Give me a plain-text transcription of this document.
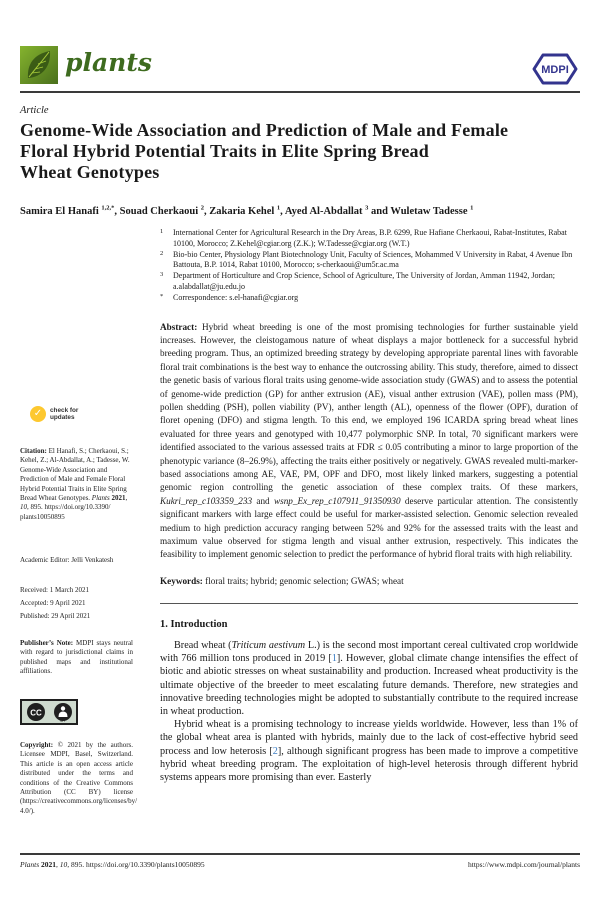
plants	MDPI
Article
Genome-Wide Association and Prediction of Male and Female
Floral Hybrid Potential Traits in Elite Spring Bread
Wheat Genotypes
Samira El Hanafi $^{1,2,*}$, Souad Cherkaoui $^2$, Zakaria Kehel $^1$, Ayed Al-Abdallat $^3$ and Wuletaw Tadesse $^1$
✓ check for
updates
Citation: El Hanafi, S.; Cherkaoui, S.; Kehel, Z.; Al-Abdallat, A.; Tadesse, W. Genome-Wide Association and Prediction of Male and Female Floral Hybrid Potential Traits in Elite Spring Bread Wheat Genotypes. Plants 2021, 10, 895. https://doi.org/10.3390/ plants10050895
Academic Editor: Jelli Venkatesh
Received: 1 March 2021
Accepted: 9 April 2021
Published: 29 April 2021
Publisher’s Note: MDPI stays neutral with regard to jurisdictional claims in published maps and institutional affiliations.
CC
BY
Copyright: © 2021 by the authors. Licensee MDPI, Basel, Switzerland. This article is an open access article distributed under the terms and conditions of the Creative Commons Attribution (CC BY) license (https://creativecommons.org/licenses/by/ 4.0/).
1	International Center for Agricultural Research in the Dry Areas, B.P. 6299, Rue Hafiane Cherkaoui, Rabat-Institutes, Rabat 10100, Morocco; Z.Kehel@cgiar.org (Z.K.); W.Tadesse@cgiar.org (W.T.)
2	Bio-bio Center, Physiology Plant Biotechnology Unit, Faculty of Sciences, Mohammed V University in Rabat, 4 Avenue Ibn Battouta, B.P. 1014, Rabat 10100, Morocco; s-cherkaoui@um5r.ac.ma
3	Department of Horticulture and Crop Science, School of Agriculture, The University of Jordan, Amman 11942, Jordan; a.alabdallat@ju.edu.jo
*	Correspondence: s.el-hanafi@cgiar.org
Abstract: Hybrid wheat breeding is one of the most promising technologies for further sustainable yield increases. However, the cleistogamous nature of wheat displays a major bottleneck for a successful hybrid breeding program. Thus, an optimized breeding strategy by developing appropriate parental lines with favorable floral trait combinations is the best way to enhance the outcrossing ability. This study, therefore, aimed to dissect the genetic basis of various floral traits using genome-wide association study (GWAS) and to assess the potential of genome-wide prediction (GP) for anther extrusion (AE), visual anther extrusion (VAE), pollen mass (PM), pollen shedding (PSH), pollen viability (PV), anther length (AL), openness of the flower (OPF), duration of floret opening (DFO) and stigma length. To this end, we employed 196 ICARDA spring bread wheat lines evaluated for three years and genotyped with 10,477 polymorphic SNP. In total, 70 significant markers were identified associated to the various assessed traits at FDR ≤ 0.05 contributing a minor to large proportion of the phenotypic variance (8–26.9%), affecting the traits either positively or negatively. GWAS revealed multi-marker-based associations among AE, VAE, PM, OPF and DFO, most likely linked markers, suggesting a potential genomic region controlling the genetic association of these complex traits. Of these markers, Kukri_rep_c103359_233 and wsnp_Ex_rep_c107911_91350930 deserve particular attention. The consistently significant markers with large effect could be useful for marker-assisted selection. Genomic selection revealed medium to high prediction accuracy ranging between 52% and 92% for the assessed traits with the least and maximum value observed for stigma length and visual anther extrusion, respectively. This indicates the feasibility to implement genomic selection to predict the performance of hybrid floral traits with high reliability.
Keywords: floral traits; hybrid; genomic selection; GWAS; wheat
1. Introduction

Bread wheat (Triticum aestivum L.) is the second most important cereal cultivated crop worldwide with 766 million tons produced in 2019 [1]. However, global climate change intensifies the effect of biotic and abiotic stresses on wheat sustainability and production. Increased wheat productivity is the ultimate objective of the breeder to meet escalating future demands. Therefore, new strategies and innovative breeding technologies might be adopted to substantially contribute to the required increase in wheat production.

Hybrid wheat is a promising technology to increase yields worldwide. However, less than 1% of the global wheat area is planted with hybrids, mainly due to the lack of cost-effective hybrid seed process and low heterosis [2], although significant progress has been made to improve a competitive hybrid wheat breeding program. The exploitation of high-level heterosis through different hybrid systems appears more promising than ever. Easterly

Plants 2021, 10, 895. https://doi.org/10.3390/plants10050895	https://www.mdpi.com/journal/plants
